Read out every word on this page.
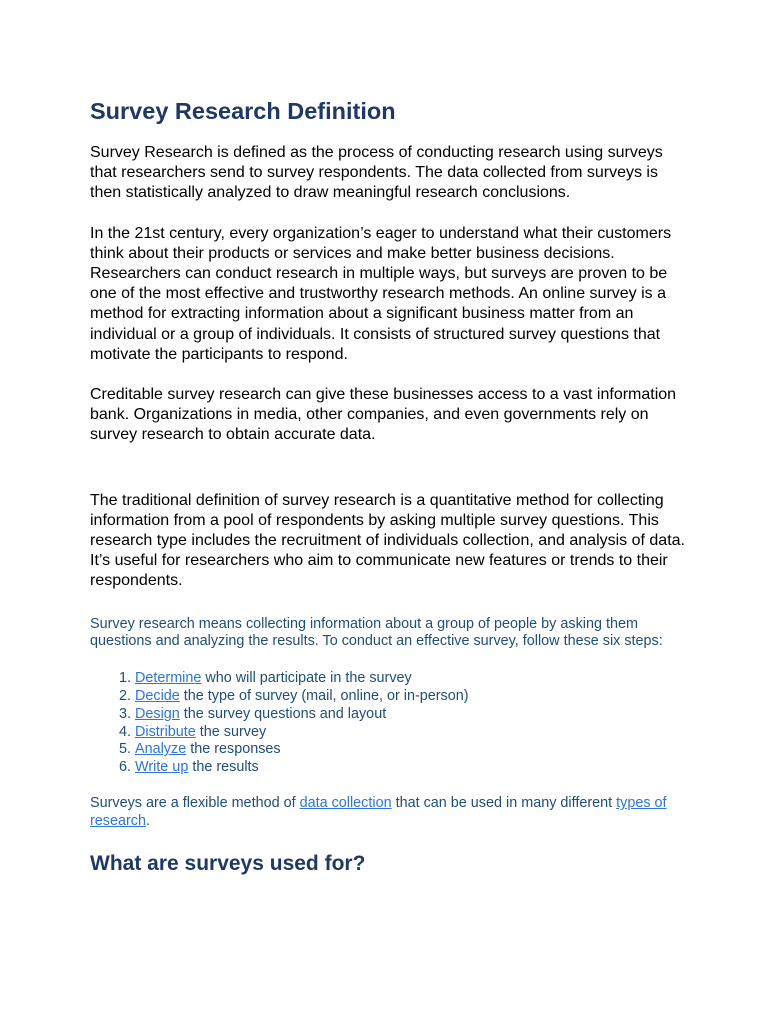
Survey Research Definition

Survey Research is defined as the process of conducting research using surveys that researchers send to survey respondents. The data collected from surveys is then statistically analyzed to draw meaningful research conclusions.

In the 21st century, every organization’s eager to understand what their customers think about their products or services and make better business decisions. Researchers can conduct research in multiple ways, but surveys are proven to be one of the most effective and trustworthy research methods. An online survey is a method for extracting information about a significant business matter from an individual or a group of individuals. It consists of structured survey questions that motivate the participants to respond.

Creditable survey research can give these businesses access to a vast information bank. Organizations in media, other companies, and even governments rely on survey research to obtain accurate data.

The traditional definition of survey research is a quantitative method for collecting information from a pool of respondents by asking multiple survey questions. This research type includes the recruitment of individuals collection, and analysis of data. It’s useful for researchers who aim to communicate new features or trends to their respondents.

Survey research means collecting information about a group of people by asking them questions and analyzing the results. To conduct an effective survey, follow these six steps:

1. Determine who will participate in the survey
2. Decide the type of survey (mail, online, or in-person)
3. Design the survey questions and layout
4. Distribute the survey
5. Analyze the responses
6. Write up the results

Surveys are a flexible method of data collection that can be used in many different types of research.

What are surveys used for?
